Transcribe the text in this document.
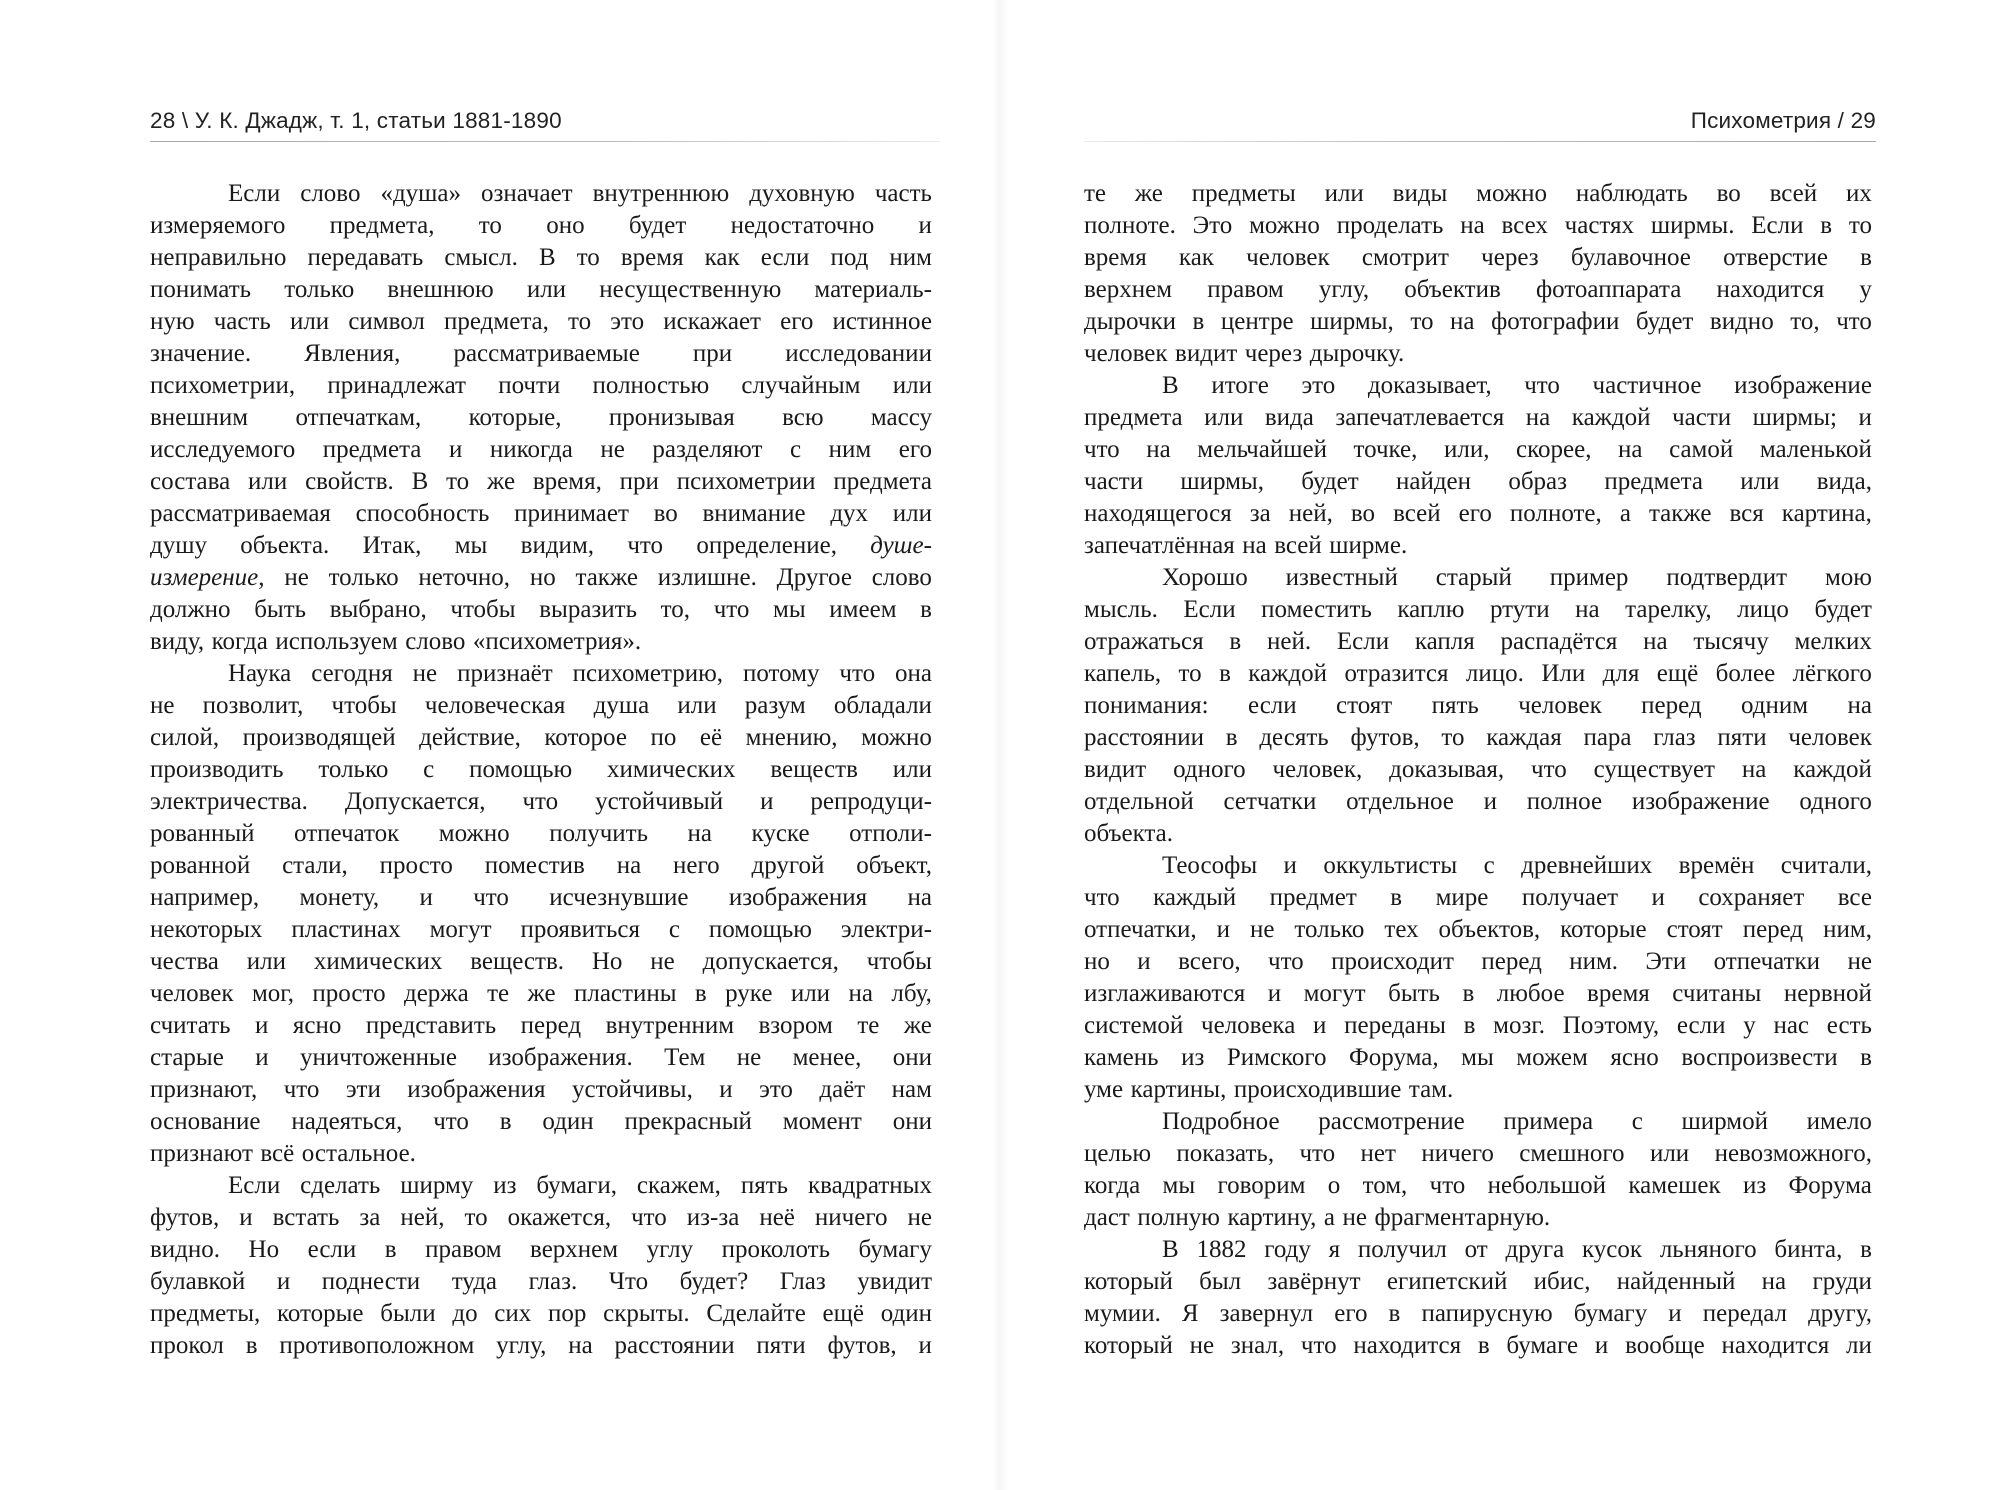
28 \ У. К. Джадж, т. 1, статьи 1881-1890
Если слово «душа» означает внутреннюю духовную часть
измеряемого предмета, то оно будет недостаточно и
неправильно передавать смысл. В то время как если под ним
понимать только внешнюю или несущественную материаль-
ную часть или символ предмета, то это искажает его истинное
значение. Явления, рассматриваемые при исследовании
психометрии, принадлежат почти полностью случайным или
внешним отпечаткам, которые, пронизывая всю массу
исследуемого предмета и никогда не разделяют с ним его
состава или свойств. В то же время, при психометрии предмета
рассматриваемая способность принимает во внимание дух или
душу объекта. Итак, мы видим, что определение, душе-
измерение, не только неточно, но также излишне. Другое слово
должно быть выбрано, чтобы выразить то, что мы имеем в
виду, когда используем слово «психометрия».
Наука сегодня не признаёт психометрию, потому что она
не позволит, чтобы человеческая душа или разум обладали
силой, производящей действие, которое по её мнению, можно
производить только с помощью химических веществ или
электричества. Допускается, что устойчивый и репродуци-
рованный отпечаток можно получить на куске отполи-
рованной стали, просто поместив на него другой объект,
например, монету, и что исчезнувшие изображения на
некоторых пластинах могут проявиться с помощью электри-
чества или химических веществ. Но не допускается, чтобы
человек мог, просто держа те же пластины в руке или на лбу,
считать и ясно представить перед внутренним взором те же
старые и уничтоженные изображения. Тем не менее, они
признают, что эти изображения устойчивы, и это даёт нам
основание надеяться, что в один прекрасный момент они
признают всё остальное.
Если сделать ширму из бумаги, скажем, пять квадратных
футов, и встать за ней, то окажется, что из-за неё ничего не
видно. Но если в правом верхнем углу проколоть бумагу
булавкой и поднести туда глаз. Что будет? Глаз увидит
предметы, которые были до сих пор скрыты. Сделайте ещё один
прокол в противоположном углу, на расстоянии пяти футов, и
Психометрия / 29
те же предметы или виды можно наблюдать во всей их
полноте. Это можно проделать на всех частях ширмы. Если в то
время как человек смотрит через булавочное отверстие в
верхнем правом углу, объектив фотоаппарата находится у
дырочки в центре ширмы, то на фотографии будет видно то, что
человек видит через дырочку.
В итоге это доказывает, что частичное изображение
предмета или вида запечатлевается на каждой части ширмы; и
что на мельчайшей точке, или, скорее, на самой маленькой
части ширмы, будет найден образ предмета или вида,
находящегося за ней, во всей его полноте, а также вся картина,
запечатлённая на всей ширме.
Хорошо известный старый пример подтвердит мою
мысль. Если поместить каплю ртути на тарелку, лицо будет
отражаться в ней. Если капля распадётся на тысячу мелких
капель, то в каждой отразится лицо. Или для ещё более лёгкого
понимания: если стоят пять человек перед одним на
расстоянии в десять футов, то каждая пара глаз пяти человек
видит одного человек, доказывая, что существует на каждой
отдельной сетчатки отдельное и полное изображение одного
объекта.
Теософы и оккультисты с древнейших времён считали,
что каждый предмет в мире получает и сохраняет все
отпечатки, и не только тех объектов, которые стоят перед ним,
но и всего, что происходит перед ним. Эти отпечатки не
изглаживаются и могут быть в любое время считаны нервной
системой человека и переданы в мозг. Поэтому, если у нас есть
камень из Римского Форума, мы можем ясно воспроизвести в
уме картины, происходившие там.
Подробное рассмотрение примера с ширмой имело
целью показать, что нет ничего смешного или невозможного,
когда мы говорим о том, что небольшой камешек из Форума
даст полную картину, а не фрагментарную.
В 1882 году я получил от друга кусок льняного бинта, в
который был завёрнут египетский ибис, найденный на груди
мумии. Я завернул его в папирусную бумагу и передал другу,
который не знал, что находится в бумаге и вообще находится ли
